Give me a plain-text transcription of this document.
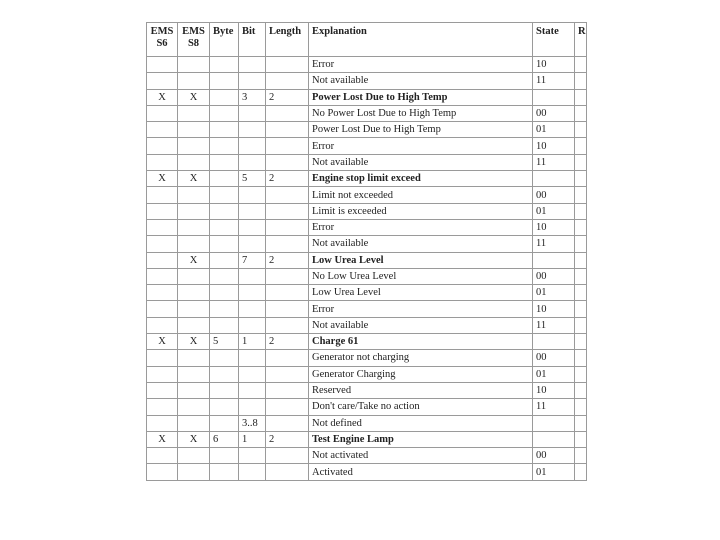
EMS S6	EMS S8	Byte	Bit	Length	Explanation	State	R
					Error	10	
					Not available	11	
X	X		3	2	Power Lost Due to High Temp		
					No Power Lost Due to High Temp	00	
					Power Lost Due to High Temp	01	
					Error	10	
					Not available	11	
X	X		5	2	Engine stop limit exceed		
					Limit not exceeded	00	
					Limit is exceeded	01	
					Error	10	
					Not available	11	
	X		7	2	Low Urea Level		
					No Low Urea Level	00	
					Low Urea Level	01	
					Error	10	
					Not available	11	
X	X	5	1	2	Charge 61		
					Generator not charging	00	
					Generator Charging	01	
					Reserved	10	
					Don't care/Take no action	11	
			3..8		Not defined		
X	X	6	1	2	Test Engine Lamp		
					Not activated	00	
					Activated	01	
